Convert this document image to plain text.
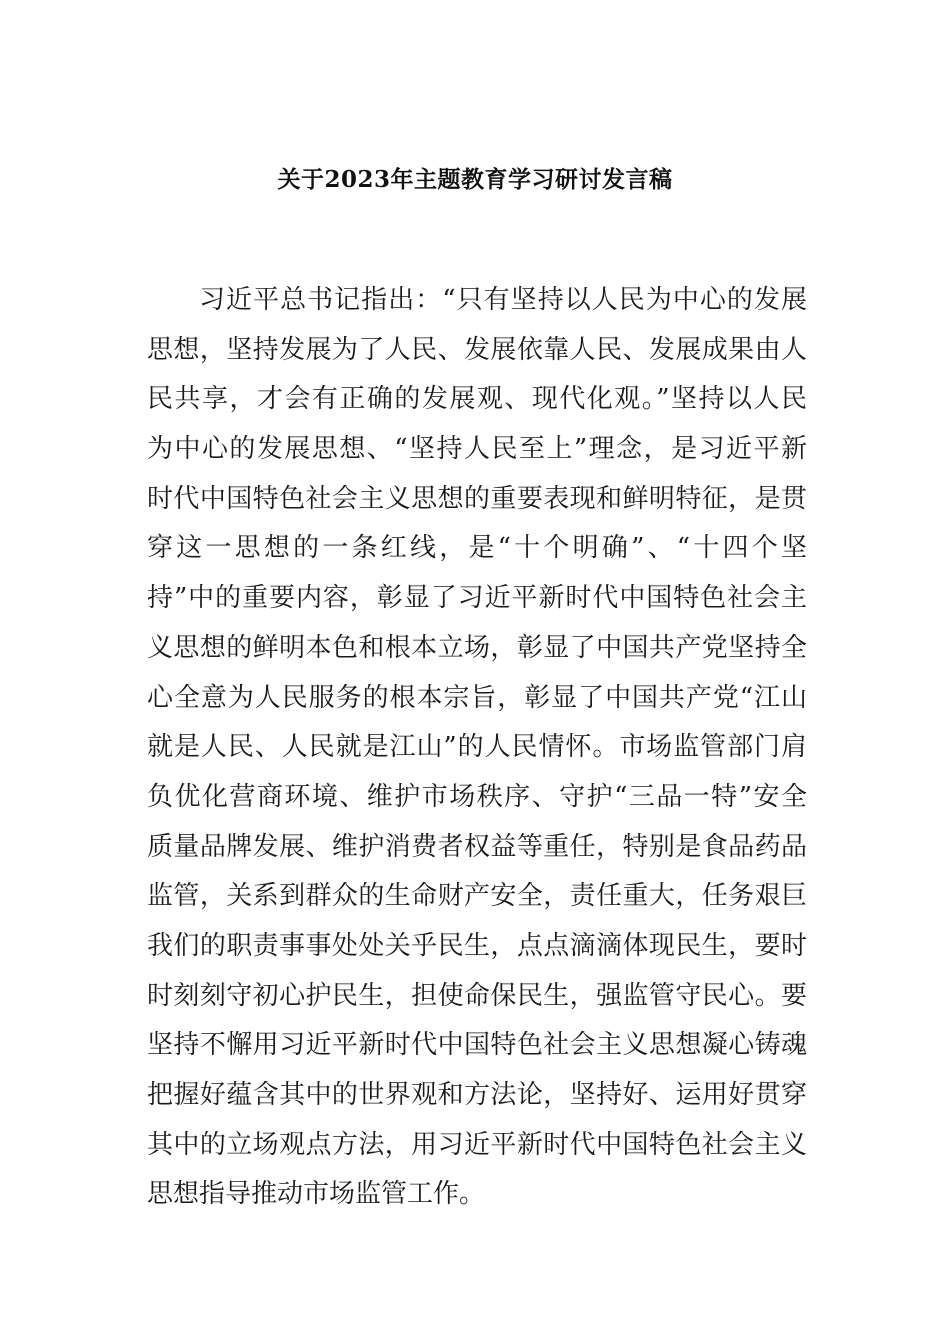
关于2023年主题教育学习研讨发言稿
习近平总书记指出：“只有坚持以人民为中心的发展
思想，坚持发展为了人民、发展依靠人民、发展成果由人
民共享，才会有正确的发展观、现代化观。”坚持以人民
为中心的发展思想、“坚持人民至上”理念，是习近平新
时代中国特色社会主义思想的重要表现和鲜明特征，是贯
穿这一思想的一条红线，是“十个明确”、“十四个坚
持”中的重要内容，彰显了习近平新时代中国特色社会主
义思想的鲜明本色和根本立场，彰显了中国共产党坚持全
心全意为人民服务的根本宗旨，彰显了中国共产党“江山
就是人民、人民就是江山”的人民情怀。市场监管部门肩
负优化营商环境、维护市场秩序、守护“三品一特”安全
质量品牌发展、维护消费者权益等重任，特别是食品药品
监管，关系到群众的生命财产安全，责任重大，任务艰巨
我们的职责事事处处关乎民生，点点滴滴体现民生，要时
时刻刻守初心护民生，担使命保民生，强监管守民心。要
坚持不懈用习近平新时代中国特色社会主义思想凝心铸魂
把握好蕴含其中的世界观和方法论，坚持好、运用好贯穿
其中的立场观点方法，用习近平新时代中国特色社会主义
思想指导推动市场监管工作。
